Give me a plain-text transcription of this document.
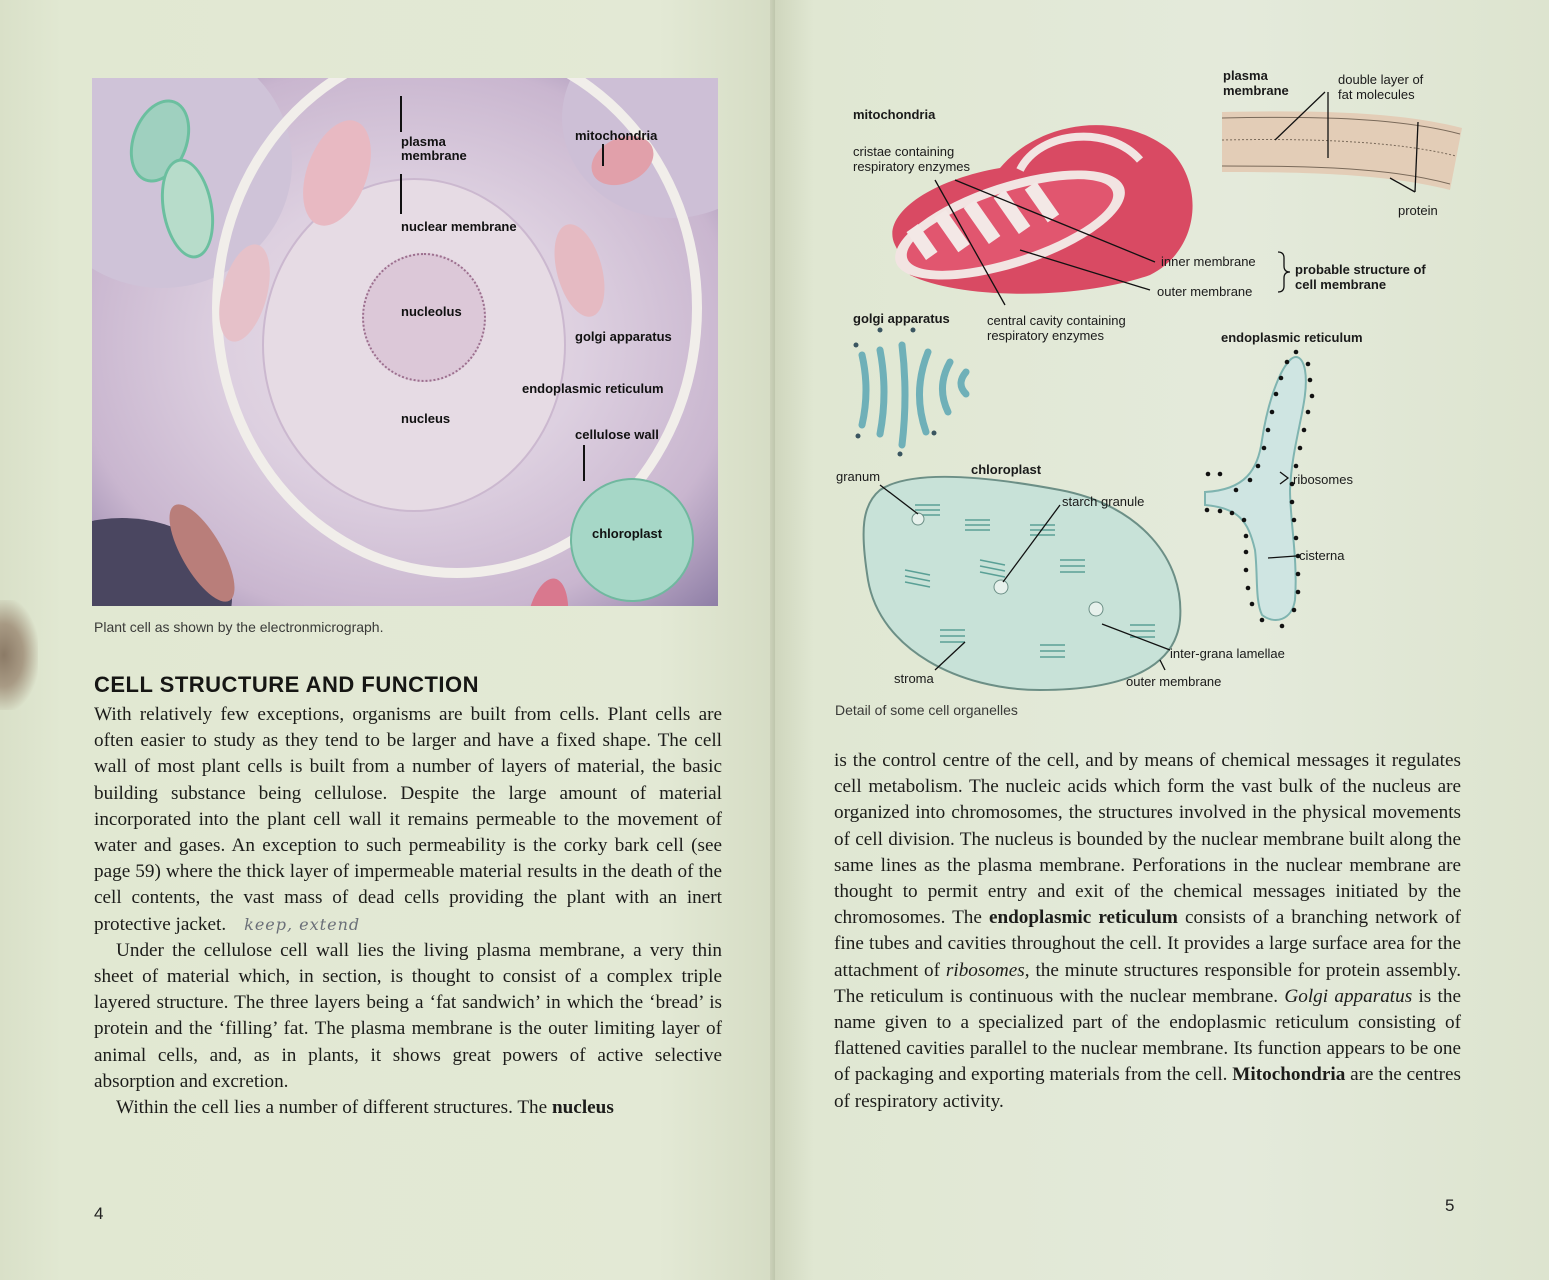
plasma
membrane
nuclear membrane
mitochondria
nucleolus
golgi apparatus
endoplasmic reticulum
nucleus
cellulose wall
chloroplast
Plant cell as shown by the electronmicrograph.
CELL STRUCTURE AND FUNCTION

With relatively few exceptions, organisms are built from cells. Plant cells are often easier to study as they tend to be larger and have a fixed shape. The cell wall of most plant cells is built from a number of layers of material, the basic building substance being cellulose. Despite the large amount of material incorporated into the plant cell wall it remains permeable to the movement of water and gases. An exception to such permeability is the corky bark cell (see page 59) where the thick layer of impermeable material results in the death of the cell contents, the vast mass of dead cells providing the plant with an inert protective jacket. keep, extend

Under the cellulose cell wall lies the living plasma membrane, a very thin sheet of material which, in section, is thought to consist of a complex triple layered structure. The three layers being a ‘fat sandwich’ in which the ‘bread’ is protein and the ‘filling’ fat. The plasma membrane is the outer limiting layer of animal cells, and, as in plants, it shows great powers of active selective absorption and excretion.

Within the cell lies a number of different structures. The nucleus

4
mitochondria
cristae containing
respiratory enzymes
inner membrane
outer membrane
central cavity containing
respiratory enzymes
plasma
membrane
double layer of
fat molecules
protein
probable structure of
cell membrane
golgi apparatus
endoplasmic reticulum
ribosomes
cisterna
chloroplast
granum
starch granule
inter-grana lamellae
stroma	outer membrane
Detail of some cell organelles

is the control centre of the cell, and by means of chemical messages it regulates cell metabolism. The nucleic acids which form the vast bulk of the nucleus are organized into chromosomes, the structures involved in the physical movements of cell division. The nucleus is bounded by the nuclear membrane built along the same lines as the plasma membrane. Perforations in the nuclear membrane are thought to permit entry and exit of the chemical messages initiated by the chromosomes. The endoplasmic reticulum consists of a branching network of fine tubes and cavities throughout the cell. It provides a large surface area for the attachment of ribosomes, the minute structures responsible for protein assembly. The reticulum is continuous with the nuclear membrane. Golgi apparatus is the name given to a specialized part of the endoplasmic reticulum consisting of flattened cavities parallel to the nuclear membrane. Its function appears to be one of packaging and exporting materials from the cell. Mitochondria are the centres of respiratory activity.

5
